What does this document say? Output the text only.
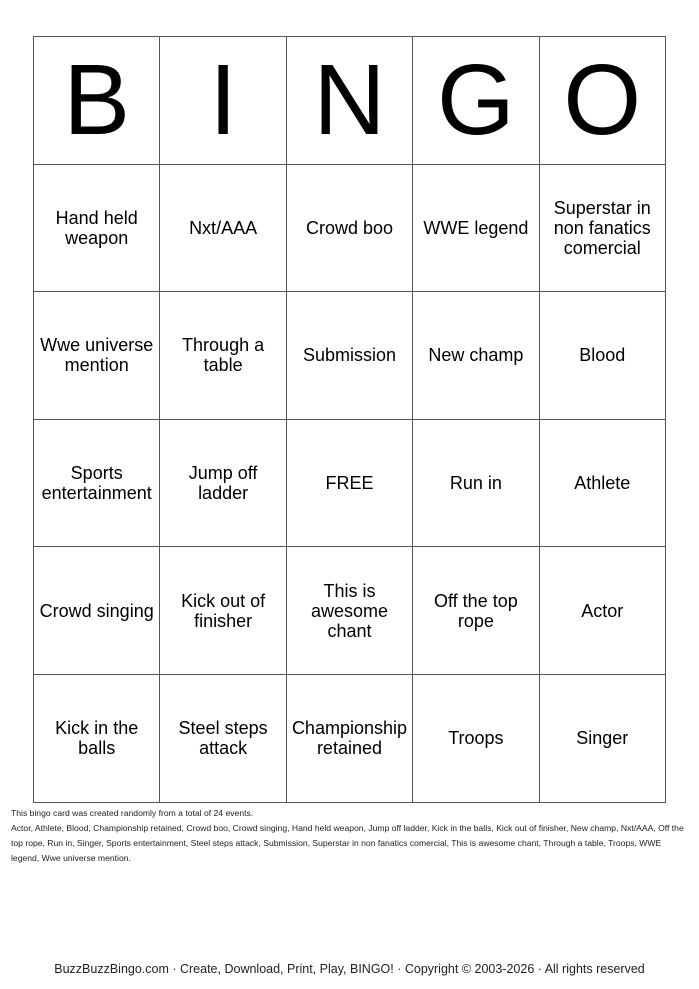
B	I	N	G	O
Hand held weapon	Nxt/AAA	Crowd boo	WWE legend	Superstar in non fanatics comercial
Wwe universe mention	Through a table	Submission	New champ	Blood
Sports entertainment	Jump off ladder	FREE	Run in	Athlete
Crowd singing	Kick out of finisher	This is awesome chant	Off the top rope	Actor
Kick in the balls	Steel steps attack	Championship retained	Troops	Singer
This bingo card was created randomly from a total of 24 events.
Actor, Athlete, Blood, Championship retained, Crowd boo, Crowd singing, Hand held weapon, Jump off ladder, Kick in the balls, Kick out of finisher, New champ, Nxt/AAA, Off the top rope, Run in, Singer, Sports entertainment, Steel steps attack, Submission, Superstar in non fanatics comercial, This is awesome chant, Through a table, Troops, WWE legend, Wwe universe mention.
BuzzBuzzBingo.com · Create, Download, Print, Play, BINGO! · Copyright © 2003-2026 · All rights reserved
